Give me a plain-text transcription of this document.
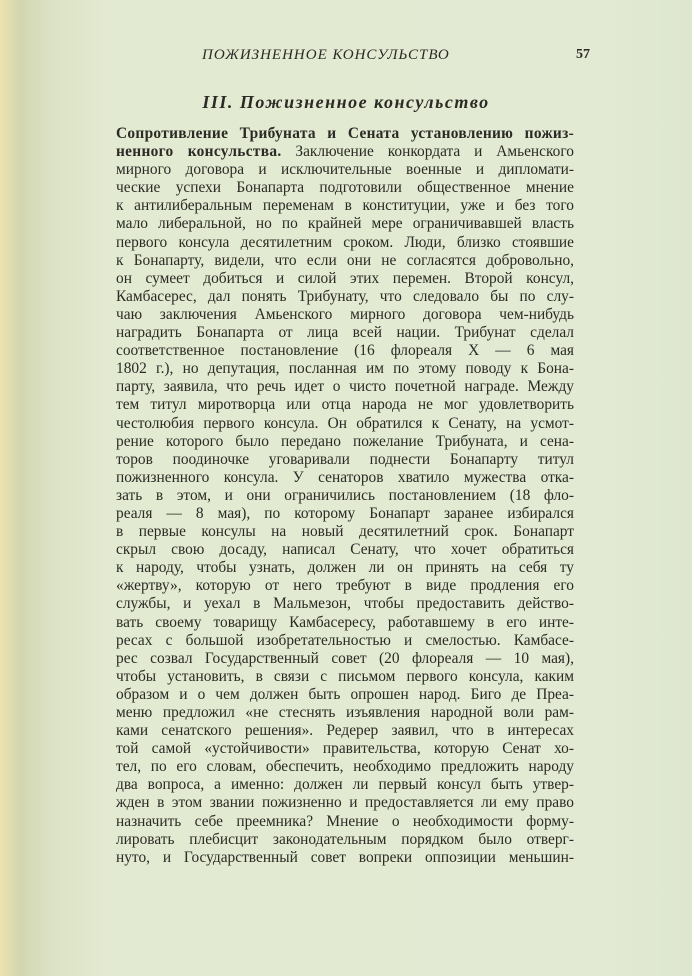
ПОЖИЗНЕННОЕ КОНСУЛЬСТВО	57
III. Пожизненное консульство
Сопротивление Трибуната и Сената установлению пожиз-
ненного консульства. Заключение конкордата и Амьенского
мирного договора и исключительные военные и дипломати-
ческие успехи Бонапарта подготовили общественное мнение
к антилиберальным переменам в конституции, уже и без того
мало либеральной, но по крайней мере ограничивавшей власть
первого консула десятилетним сроком. Люди, близко стоявшие
к Бонапарту, видели, что если они не согласятся добровольно,
он сумеет добиться и силой этих перемен. Второй консул,
Камбасерес, дал понять Трибунату, что следовало бы по слу-
чаю заключения Амьенского мирного договора чем-нибудь
наградить Бонапарта от лица всей нации. Трибунат сделал
соответственное постановление (16 флореаля X — 6 мая
1802 г.), но депутация, посланная им по этому поводу к Бона-
парту, заявила, что речь идет о чисто почетной награде. Между
тем титул миротворца или отца народа не мог удовлетворить
честолюбия первого консула. Он обратился к Сенату, на усмот-
рение которого было передано пожелание Трибуната, и сена-
торов поодиночке уговаривали поднести Бонапарту титул
пожизненного консула. У сенаторов хватило мужества отка-
зать в этом, и они ограничились постановлением (18 фло-
реаля — 8 мая), по которому Бонапарт заранее избирался
в первые консулы на новый десятилетний срок. Бонапарт
скрыл свою досаду, написал Сенату, что хочет обратиться
к народу, чтобы узнать, должен ли он принять на себя ту
«жертву», которую от него требуют в виде продления его
службы, и уехал в Мальмезон, чтобы предоставить действо-
вать своему товарищу Камбасересу, работавшему в его инте-
ресах с большой изобретательностью и смелостью. Камбасе-
рес созвал Государственный совет (20 флореаля — 10 мая),
чтобы установить, в связи с письмом первого консула, каким
образом и о чем должен быть опрошен народ. Биго де Преа-
меню предложил «не стеснять изъявления народной воли рам-
ками сенатского решения». Редерер заявил, что в интересах
той самой «устойчивости» правительства, которую Сенат хо-
тел, по его словам, обеспечить, необходимо предложить народу
два вопроса, а именно: должен ли первый консул быть утвер-
жден в этом звании пожизненно и предоставляется ли ему право
назначить себе преемника? Мнение о необходимости форму-
лировать плебисцит законодательным порядком было отверг-
нуто, и Государственный совет вопреки оппозиции меньшин-
